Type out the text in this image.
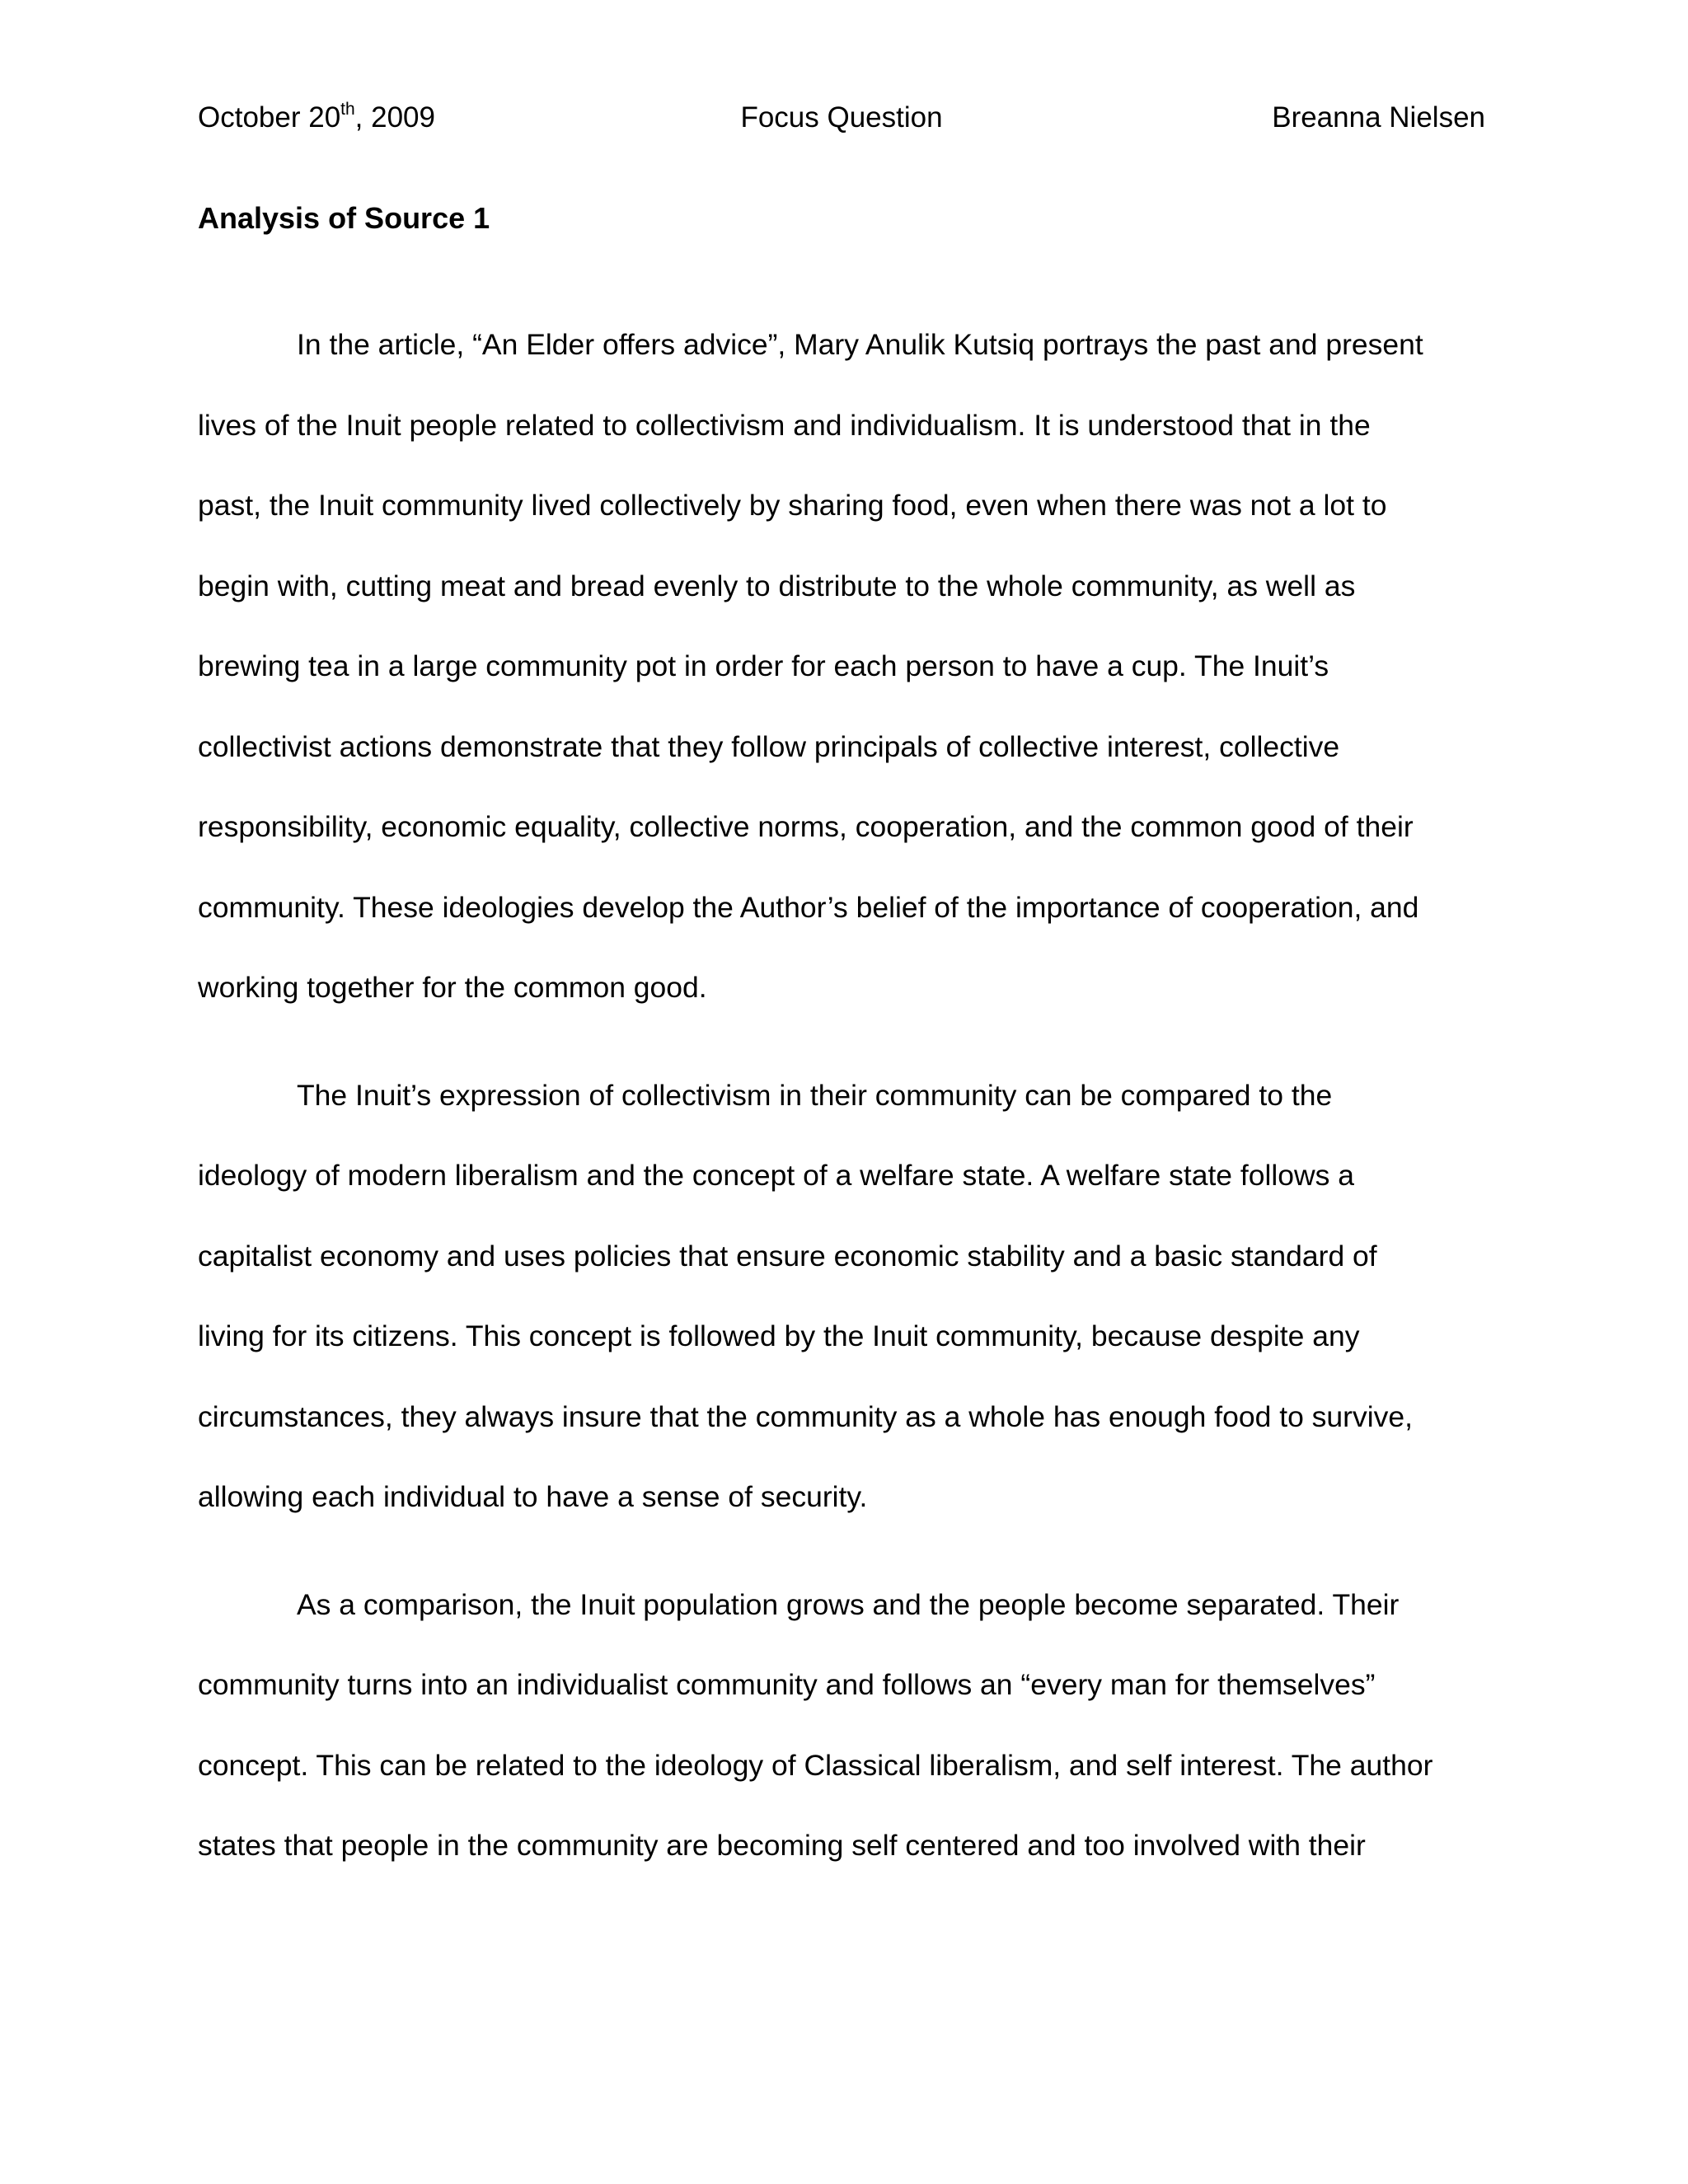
October 20th, 2009	Focus Question	Breanna Nielsen
Analysis of Source 1
In the article, “An Elder offers advice”, Mary Anulik Kutsiq portrays the past and present
lives of the Inuit people related to collectivism and individualism. It is understood that in the
past, the Inuit community lived collectively by sharing food, even when there was not a lot to
begin with, cutting meat and bread evenly to distribute to the whole community, as well as
brewing tea in a large community pot in order for each person to have a cup. The Inuit’s
collectivist actions demonstrate that they follow principals of collective interest, collective
responsibility, economic equality, collective norms, cooperation, and the common good of their
community. These ideologies develop the Author’s belief of the importance of cooperation, and
working together for the common good.
The Inuit’s expression of collectivism in their community can be compared to the
ideology of modern liberalism and the concept of a welfare state. A welfare state follows a
capitalist economy and uses policies that ensure economic stability and a basic standard of
living for its citizens. This concept is followed by the Inuit community, because despite any
circumstances, they always insure that the community as a whole has enough food to survive,
allowing each individual to have a sense of security.
As a comparison, the Inuit population grows and the people become separated. Their
community turns into an individualist community and follows an “every man for themselves”
concept. This can be related to the ideology of Classical liberalism, and self interest. The author
states that people in the community are becoming self centered and too involved with their
